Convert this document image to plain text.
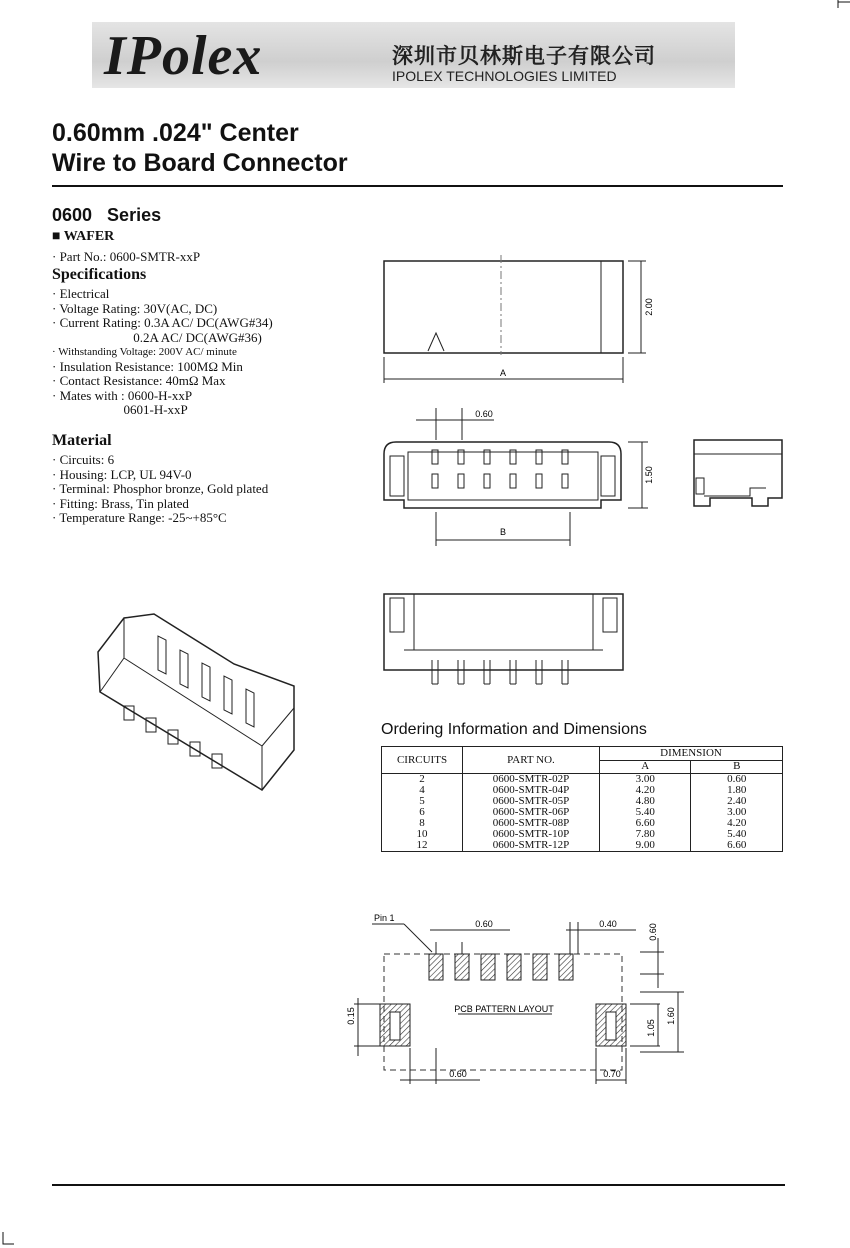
IPolex	深圳市贝林斯电子有限公司
IPOLEX TECHNOLOGIES LIMITED
0.60mm .024" Center
Wire to Board Connector
0600   Series
■ WAFER
· Part No.: 0600-SMTR-xxP
Specifications
· Electrical
· Voltage Rating: 30V(AC, DC)
· Current Rating: 0.3A AC/ DC(AWG#34)
0.2A AC/ DC(AWG#36)
· Withstanding Voltage: 200V AC/ minute
· Insulation Resistance: 100MΩ Min
· Contact Resistance: 40mΩ Max
· Mates with : 0600-H-xxP
0601-H-xxP
Material
· Circuits: 6
· Housing: LCP, UL 94V-0
· Terminal: Phosphor bronze, Gold plated
· Fitting: Brass, Tin plated
· Temperature Range: -25~+85°C
2.00
A
0.60
1.50
B
Ordering Information and Dimensions
CIRCUITS	PART NO.	DIMENSION	
		A	B
2	0600-SMTR-02P	3.00	0.60
4	0600-SMTR-04P	4.20	1.80
5	0600-SMTR-05P	4.80	2.40
6	0600-SMTR-06P	5.40	3.00
8	0600-SMTR-08P	6.60	4.20
10	0600-SMTR-10P	7.80	5.40
12	0600-SMTR-12P	9.00	6.60
Pin 1
0.60	0.40	0.60
PCB PATTERN LAYOUT
0.15
1.05
1.60
0.60	0.70
